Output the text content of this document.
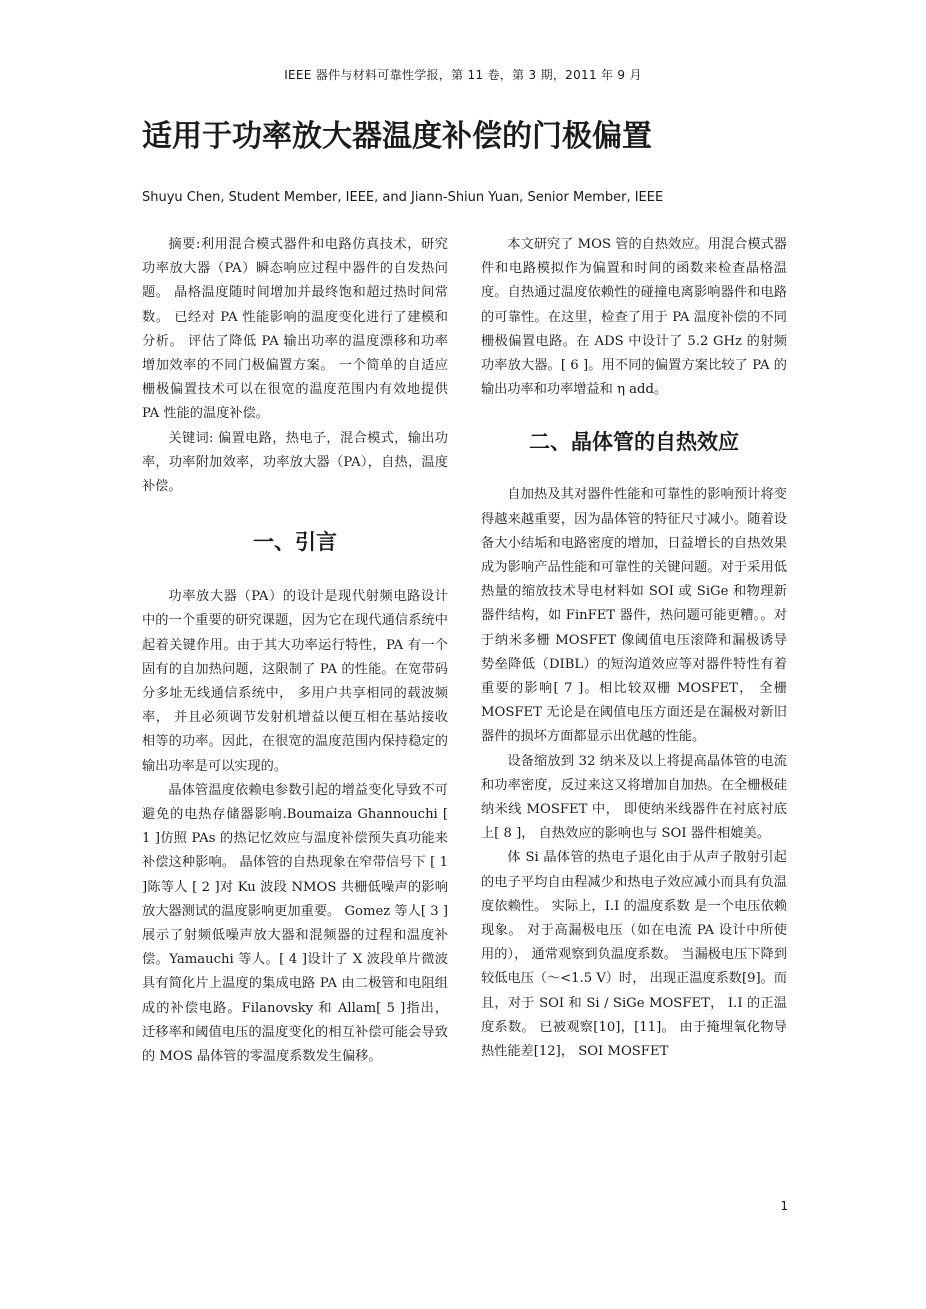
IEEE 器件与材料可靠性学报，第 11 卷，第 3 期，2011 年 9 月
适用于功率放大器温度补偿的门极偏置
Shuyu Chen, Student Member, IEEE, and Jiann-Shiun Yuan, Senior Member, IEEE

摘要:利用混合模式器件和电路仿真技术，研究功率放大器（PA）瞬态响应过程中器件的自发热问题。 晶格温度随时间增加并最终饱和超过热时间常数。 已经对 PA 性能影响的温度变化进行了建模和分析。 评估了降低 PA 输出功率的温度漂移和功率增加效率的不同门极偏置方案。 一个简单的自适应栅极偏置技术可以在很宽的温度范围内有效地提供 PA 性能的温度补偿。

关键词: 偏置电路，热电子，混合模式，输出功率，功率附加效率，功率放大器（PA），自热，温度补偿。

一、引言

功率放大器（PA）的设计是现代射频电路设计中的一个重要的研究课题，因为它在现代通信系统中起着关键作用。由于其大功率运行特性，PA 有一个固有的自加热问题，这限制了 PA 的性能。在宽带码分多址无线通信系统中， 多用户共享相同的载波频率， 并且必须调节发射机增益以便互相在基站接收相等的功率。因此，在很宽的温度范围内保持稳定的输出功率是可以实现的。

晶体管温度依赖电参数引起的增益变化导致不可避免的电热存储器影响.Boumaiza Ghannouchi [ 1 ]仿照 PAs 的热记忆效应与温度补偿预失真功能来补偿这种影响。 晶体管的自热现象在窄带信号下 [ 1 ]陈等人 [ 2 ]对 Ku 波段 NMOS 共栅低噪声的影响放大器测试的温度影响更加重要。 Gomez 等人[ 3 ] 展示了射频低噪声放大器和混频器的过程和温度补偿。Yamauchi 等人。[ 4 ]设计了 X 波段单片微波具有简化片上温度的集成电路 PA 由二极管和电阻组成的补偿电路。Filanovsky 和 Allam[ 5 ]指出， 迁移率和阈值电压的温度变化的相互补偿可能会导致的 MOS 晶体管的零温度系数发生偏移。

本文研究了 MOS 管的自热效应。用混合模式器件和电路模拟作为偏置和时间的函数来检查晶格温度。自热通过温度依赖性的碰撞电离影响器件和电路的可靠性。在这里，检查了用于 PA 温度补偿的不同栅极偏置电路。在 ADS 中设计了 5.2 GHz 的射频功率放大器。[ 6 ]。用不同的偏置方案比较了 PA 的输出功率和功率增益和 η add。

二、晶体管的自热效应

自加热及其对器件性能和可靠性的影响预计将变得越来越重要，因为晶体管的特征尺寸减小。随着设备大小结垢和电路密度的增加，日益增长的自热效果成为影响产品性能和可靠性的关键问题。对于采用低热量的缩放技术导电材料如 SOI 或 SiGe 和物理新器件结构，如 FinFET 器件，热问题可能更糟。。对于纳米多栅 MOSFET 像阈值电压滚降和漏极诱导势垒降低（DIBL）的短沟道效应等对器件特性有着重要的影响[ 7 ]。相比较双栅 MOSFET， 全栅 MOSFET 无论是在阈值电压方面还是在漏极对新旧器件的损坏方面都显示出优越的性能。

设备缩放到 32 纳米及以上将提高晶体管的电流和功率密度，反过来这又将增加自加热。在全栅极硅纳米线 MOSFET 中， 即使纳米线器件在衬底衬底上[ 8 ]， 自热效应的影响也与 SOI 器件相媲美。

体 Si 晶体管的热电子退化由于从声子散射引起的电子平均自由程减少和热电子效应减小而具有负温度依赖性。 实际上，I.I 的温度系数 是一个电压依赖现象。 对于高漏极电压（如在电流 PA 设计中所使用的）， 通常观察到负温度系数。 当漏极电压下降到较低电压（～<1.5 V）时， 出现正温度系数[9]。而且，对于 SOI 和 Si / SiGe MOSFET， I.I 的正温度系数。 已被观察[10]，[11]。 由于掩埋氧化物导热性能差[12]， SOI MOSFET

1
